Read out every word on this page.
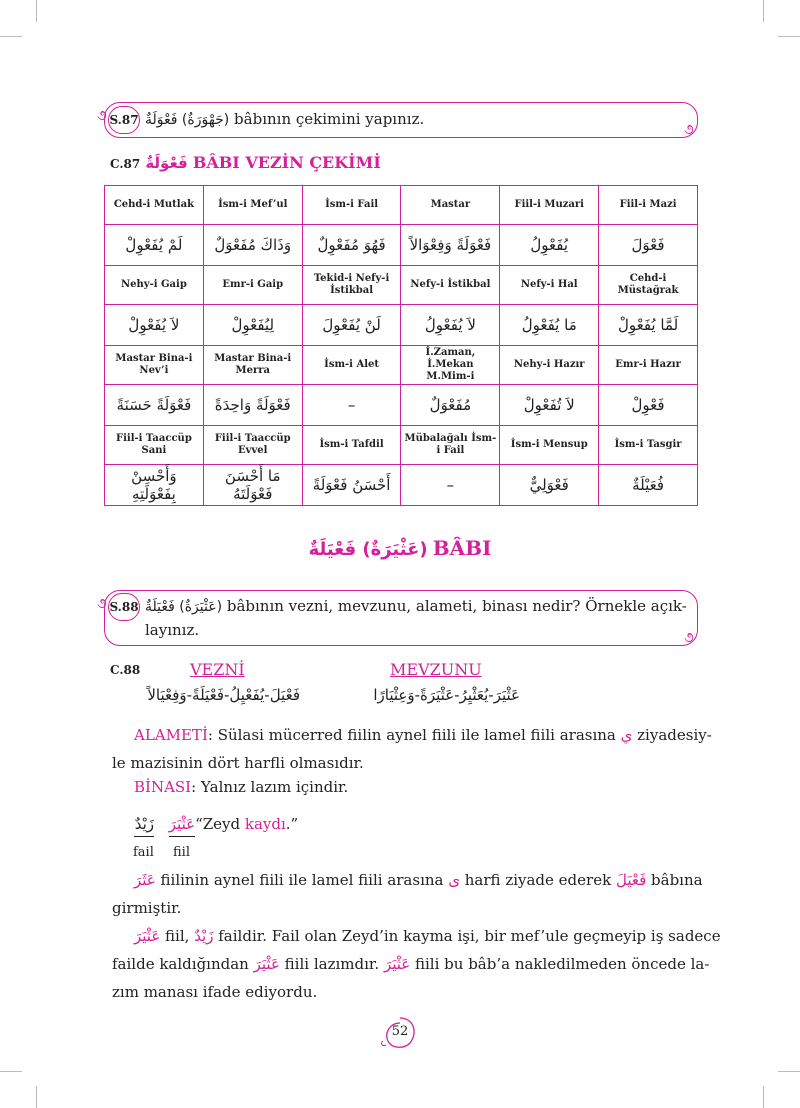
S.87
૭
૭
(جَهْوَرَةٌ) فَعْوَلَةٌ bâbının çekimini yapınız.
C.87 فَعْوَلَةٌ BÂBI VEZİN ÇEKİMİ
Cehd-i Mutlak	İsm-i Mef’ul	İsm-i Fail	Mastar	Fiil-i Muzari	Fiil-i Mazi
لَمْ يُفَعْوِلْ	وَذَاكَ مُفَعْوَلٌ	فَهُوَ مُفَعْوِلٌ	فَعْوَلَةً وَفِعْوَالاً	يُفَعْوِلُ	فَعْوَلَ
Nehy-i Gaip	Emr-i Gaip	Tekid-i Nefy-i İstikbal	Nefy-i İstikbal	Nefy-i Hal	Cehd-i Müstağrak
لاَ يُفَعْوِلْ	لِيُفَعْوِلْ	لَنْ يُفَعْوِلَ	لاَ يُفَعْوِلُ	مَا يُفَعْوِلُ	لَمَّا يُفَعْوِلْ
Mastar Bina-i Nev’i	Mastar Bina-i Merra	İsm-i Alet	İ.Zaman, İ.Mekan M.Mim-i	Nehy-i Hazır	Emr-i Hazır
فَعْوَلَةً حَسَنَةً	فَعْوَلَةً وَاحِدَةً	–	مُفَعْوَلٌ	لاَ تُفَعْوِلْ	فَعْوِلْ
Fiil-i Taaccüp Sani	Fiil-i Taaccüp Evvel	İsm-i Tafdil	Mübalağalı İsm-i Fail	İsm-i Mensup	İsm-i Tasgir
وَأَحْسِنْ بِفَعْوَلَتِهِ	مَا أَحْسَنَ فَعْوَلَتَهُ	أَحْسَنُ فَعْوَلَةً	–	فَعْوَلِيٌّ	فُعَيْلَةٌ
(عَثْيَرَةٌ) فَعْيَلَةٌ BÂBI
S.88
૭
૭
(عَثْيَرَةٌ) فَعْيَلَةٌ bâbının vezni, mevzunu, alameti, binası nedir? Örnekle açık-
layınız.
C.88	VEZNİ	MEVZUNU
فَعْيَلَ-يُفَعْيِلُ-فَعْيَلَةً-وَفِعْيَالاً	عَثْيَرَ-يُعَثْيِرُ-عَثْيَرَةً-وَعِثْيَارًا
ALAMETİ: Sülasi mücerred fiilin aynel fiili ile lamel fiili arasına ي ziyadesiy-
le mazisinin dört harfli olmasıdır.
BİNASI: Yalnız lazım içindir.
زَيْدٌ عَثْيَرَ“Zeyd kaydı.”
fail fiil
عَثَرَ fiilinin aynel fiili ile lamel fiili arasına ى harfi ziyade ederek فَعْيَلَ bâbına
girmiştir.
عَثْيَرَ fiil, زَيْدٌ faildir. Fail olan Zeyd’in kayma işi, bir mef’ule geçmeyip iş sadece
failde kaldığından عَثْيَرَ fiili lazımdır. عَثْيَرَ fiili bu bâb’a nakledilmeden öncede la-
zım manası ifade ediyordu.
52
